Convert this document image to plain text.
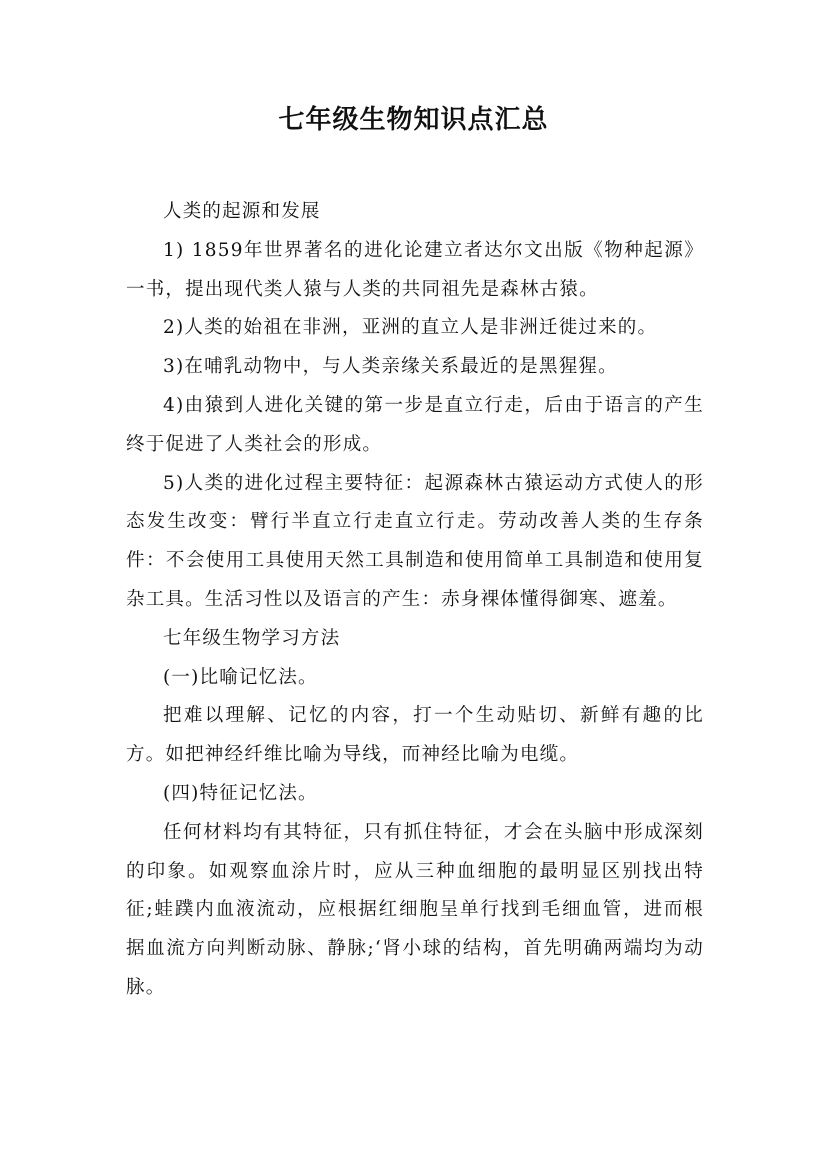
七年级生物知识点汇总

人类的起源和发展

1) 1859年世界著名的进化论建立者达尔文出版《物种起源》一书，提出现代类人猿与人类的共同祖先是森林古猿。

2)人类的始祖在非洲，亚洲的直立人是非洲迁徙过来的。

3)在哺乳动物中，与人类亲缘关系最近的是黑猩猩。

4)由猿到人进化关键的第一步是直立行走，后由于语言的产生终于促进了人类社会的形成。

5)人类的进化过程主要特征：起源森林古猿运动方式使人的形态发生改变：臂行半直立行走直立行走。劳动改善人类的生存条件：不会使用工具使用天然工具制造和使用简单工具制造和使用复杂工具。生活习性以及语言的产生：赤身裸体懂得御寒、遮羞。

七年级生物学习方法

(一)比喻记忆法。

把难以理解、记忆的内容，打一个生动贴切、新鲜有趣的比方。如把神经纤维比喻为导线，而神经比喻为电缆。

(四)特征记忆法。

任何材料均有其特征，只有抓住特征，才会在头脑中形成深刻的印象。如观察血涂片时，应从三种血细胞的最明显区别找出特征;蛙蹼内血液流动，应根据红细胞呈单行找到毛细血管，进而根据血流方向判断动脉、静脉;‘肾小球的结构，首先明确两端均为动脉。
